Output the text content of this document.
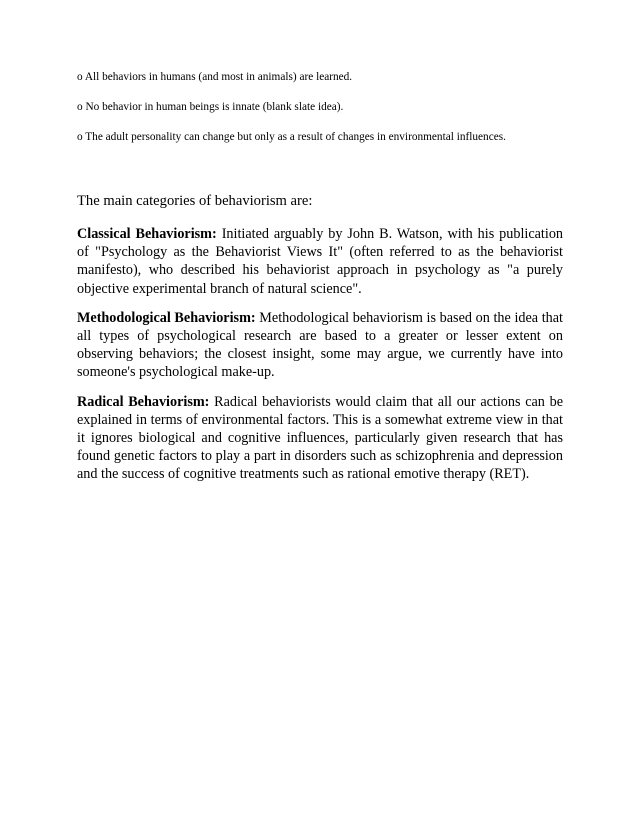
o All behaviors in humans (and most in animals) are learned.

o No behavior in human beings is innate (blank slate idea).

o The adult personality can change but only as a result of changes in environmental influences.

The main categories of behaviorism are:

Classical Behaviorism: Initiated arguably by John B. Watson, with his publication of "Psychology as the Behaviorist Views It" (often referred to as the behaviorist manifesto), who described his behaviorist approach in psychology as "a purely objective experimental branch of natural science".

Methodological Behaviorism: Methodological behaviorism is based on the idea that all types of psychological research are based to a greater or lesser extent on observing behaviors; the closest insight, some may argue, we currently have into someone's psychological make-up.

Radical Behaviorism: Radical behaviorists would claim that all our actions can be explained in terms of environmental factors. This is a somewhat extreme view in that it ignores biological and cognitive influences, particularly given research that has found genetic factors to play a part in disorders such as schizophrenia and depression and the success of cognitive treatments such as rational emotive therapy (RET).
